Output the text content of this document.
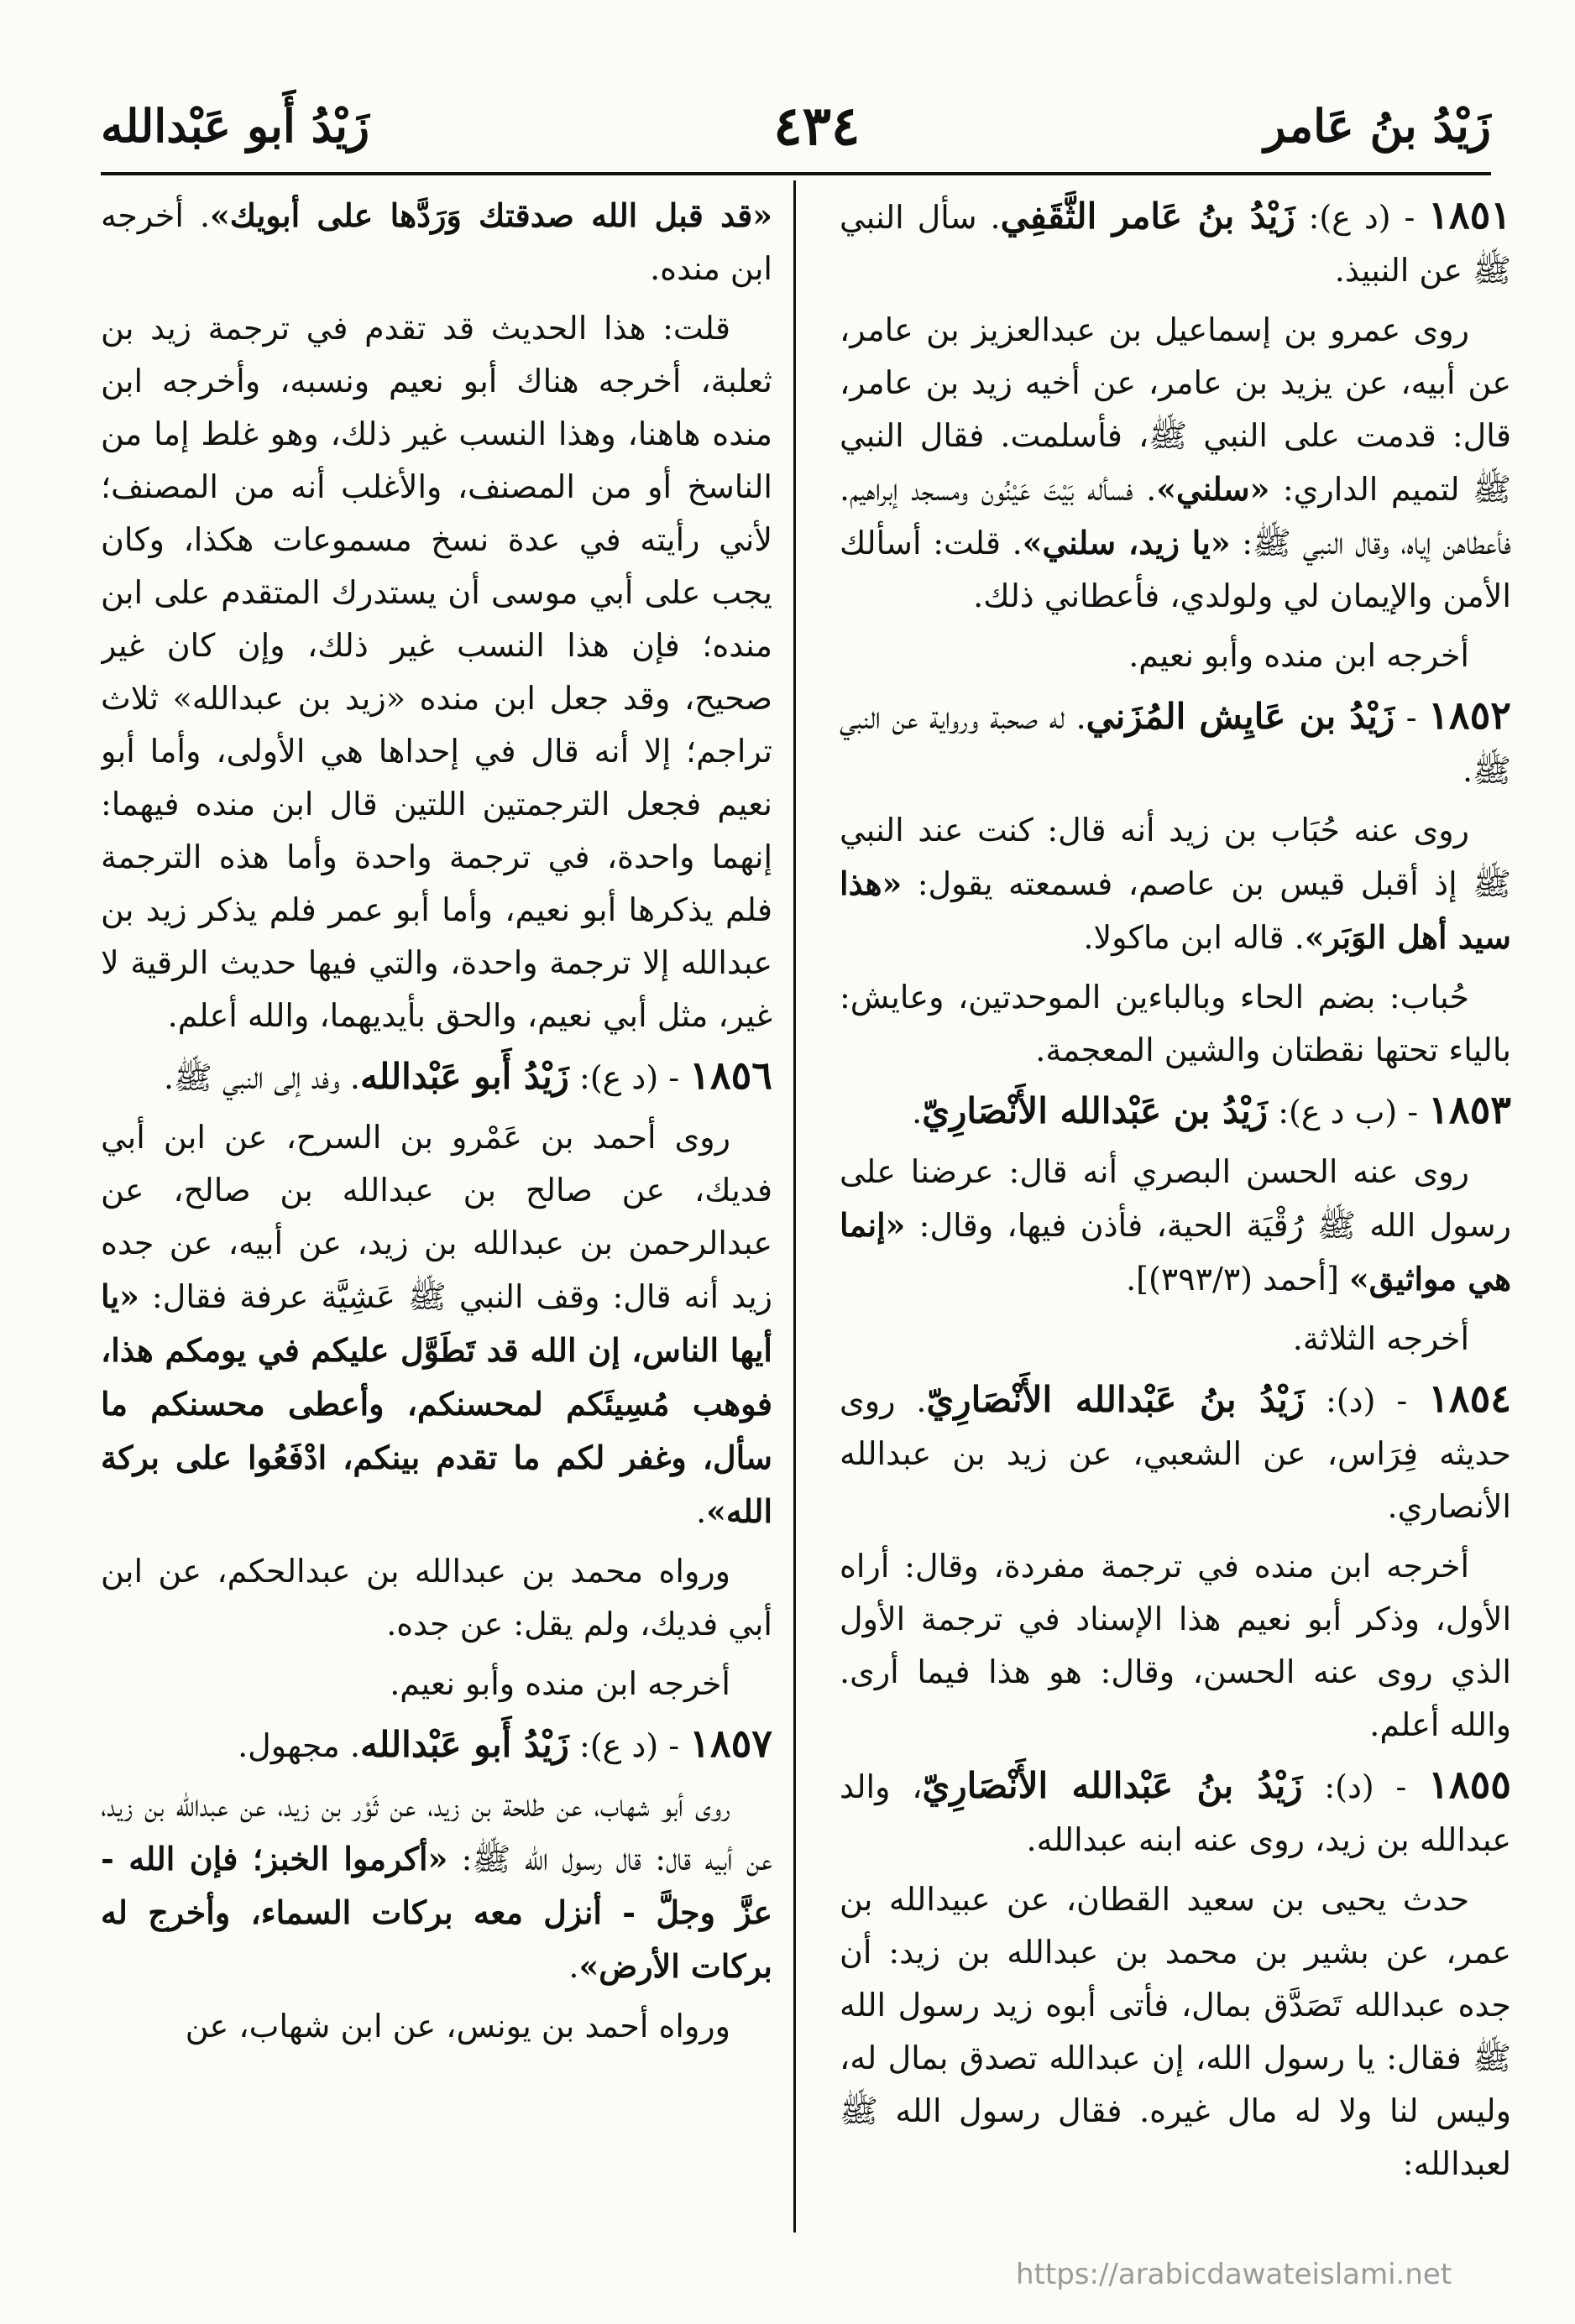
زَيْدُ بنُ عَامر
٤٣٤
زَيْدُ أَبو عَبْدالله

١٨٥١ - (د ع): زَيْدُ بنُ عَامر الثَّقَفِي. سأل النبي ﷺ عن النبيذ.

روى عمرو بن إسماعيل بن عبدالعزيز بن عامر، عن أبيه، عن يزيد بن عامر، عن أخيه زيد بن عامر، قال: قدمت على النبي ﷺ، فأسلمت. فقال النبي ﷺ لتميم الداري: «سلني». فسأله بَيْتَ عَيْنُون ومسجد إبراهيم. فأعطاهن إياه، وقال النبي ﷺ: «يا زيد، سلني». قلت: أسألك الأمن والإيمان لي ولولدي، فأعطاني ذلك.

أخرجه ابن منده وأبو نعيم.

١٨٥٢ - زَيْدُ بن عَايِش المُزَني. له صحبة ورواية عن النبي ﷺ.

روى عنه حُبَاب بن زيد أنه قال: كنت عند النبي ﷺ إذ أقبل قيس بن عاصم، فسمعته يقول: «هذا سيد أهل الوَبَر». قاله ابن ماكولا.

حُباب: بضم الحاء وبالباءين الموحدتين، وعايش: بالياء تحتها نقطتان والشين المعجمة.

١٨٥٣ - (ب د ع): زَيْدُ بن عَبْدالله الأَنْصَارِيّ.

روى عنه الحسن البصري أنه قال: عرضنا على رسول الله ﷺ رُقْيَة الحية، فأذن فيها، وقال: «إنما هي مواثيق» [أحمد (٣٩٣/٣)].

أخرجه الثلاثة.

١٨٥٤ - (د): زَيْدُ بنُ عَبْدالله الأَنْصَارِيّ. روى حديثه فِرَاس، عن الشعبي، عن زيد بن عبدالله الأنصاري.

أخرجه ابن منده في ترجمة مفردة، وقال: أراه الأول، وذكر أبو نعيم هذا الإسناد في ترجمة الأول الذي روى عنه الحسن، وقال: هو هذا فيما أرى. والله أعلم.

١٨٥٥ - (د): زَيْدُ بنُ عَبْدالله الأَنْصَارِيّ، والد عبدالله بن زيد، روى عنه ابنه عبدالله.

حدث يحيى بن سعيد القطان، عن عبيدالله بن عمر، عن بشير بن محمد بن عبدالله بن زيد: أن جده عبدالله تَصَدَّق بمال، فأتى أبوه زيد رسول الله ﷺ فقال: يا رسول الله، إن عبدالله تصدق بمال له، وليس لنا ولا له مال غيره. فقال رسول الله ﷺ لعبدالله:

«قد قبل الله صدقتك وَرَدَّها على أبويك». أخرجه ابن منده.

قلت: هذا الحديث قد تقدم في ترجمة زيد بن ثعلبة، أخرجه هناك أبو نعيم ونسبه، وأخرجه ابن منده هاهنا، وهذا النسب غير ذلك، وهو غلط إما من الناسخ أو من المصنف، والأغلب أنه من المصنف؛ لأني رأيته في عدة نسخ مسموعات هكذا، وكان يجب على أبي موسى أن يستدرك المتقدم على ابن منده؛ فإن هذا النسب غير ذلك، وإن كان غير صحيح، وقد جعل ابن منده «زيد بن عبدالله» ثلاث تراجم؛ إلا أنه قال في إحداها هي الأولى، وأما أبو نعيم فجعل الترجمتين اللتين قال ابن منده فيهما: إنهما واحدة، في ترجمة واحدة وأما هذه الترجمة فلم يذكرها أبو نعيم، وأما أبو عمر فلم يذكر زيد بن عبدالله إلا ترجمة واحدة، والتي فيها حديث الرقية لا غير، مثل أبي نعيم، والحق بأيديهما، والله أعلم.

١٨٥٦ - (د ع): زَيْدُ أَبو عَبْدالله. وفد إلى النبي ﷺ.

روى أحمد بن عَمْرو بن السرح، عن ابن أبي فديك، عن صالح بن عبدالله بن صالح، عن عبدالرحمن بن عبدالله بن زيد، عن أبيه، عن جده زيد أنه قال: وقف النبي ﷺ عَشِيَّة عرفة فقال: «يا أيها الناس، إن الله قد تَطَوَّل عليكم في يومكم هذا، فوهب مُسِيئَكم لمحسنكم، وأعطى محسنكم ما سأل، وغفر لكم ما تقدم بينكم، ادْفَعُوا على بركة الله».

ورواه محمد بن عبدالله بن عبدالحكم، عن ابن أبي فديك، ولم يقل: عن جده.

أخرجه ابن منده وأبو نعيم.

١٨٥٧ - (د ع): زَيْدُ أَبو عَبْدالله. مجهول.

روى أبو شهاب، عن طلحة بن زيد، عن ثَوْر بن زيد، عن عبدالله بن زيد، عن أبيه قال: قال رسول الله ﷺ: «أكرموا الخبز؛ فإن الله - عزَّ وجلَّ - أنزل معه بركات السماء، وأخرج له بركات الأرض».

ورواه أحمد بن يونس، عن ابن شهاب، عن

https://arabicdawateislami.net
